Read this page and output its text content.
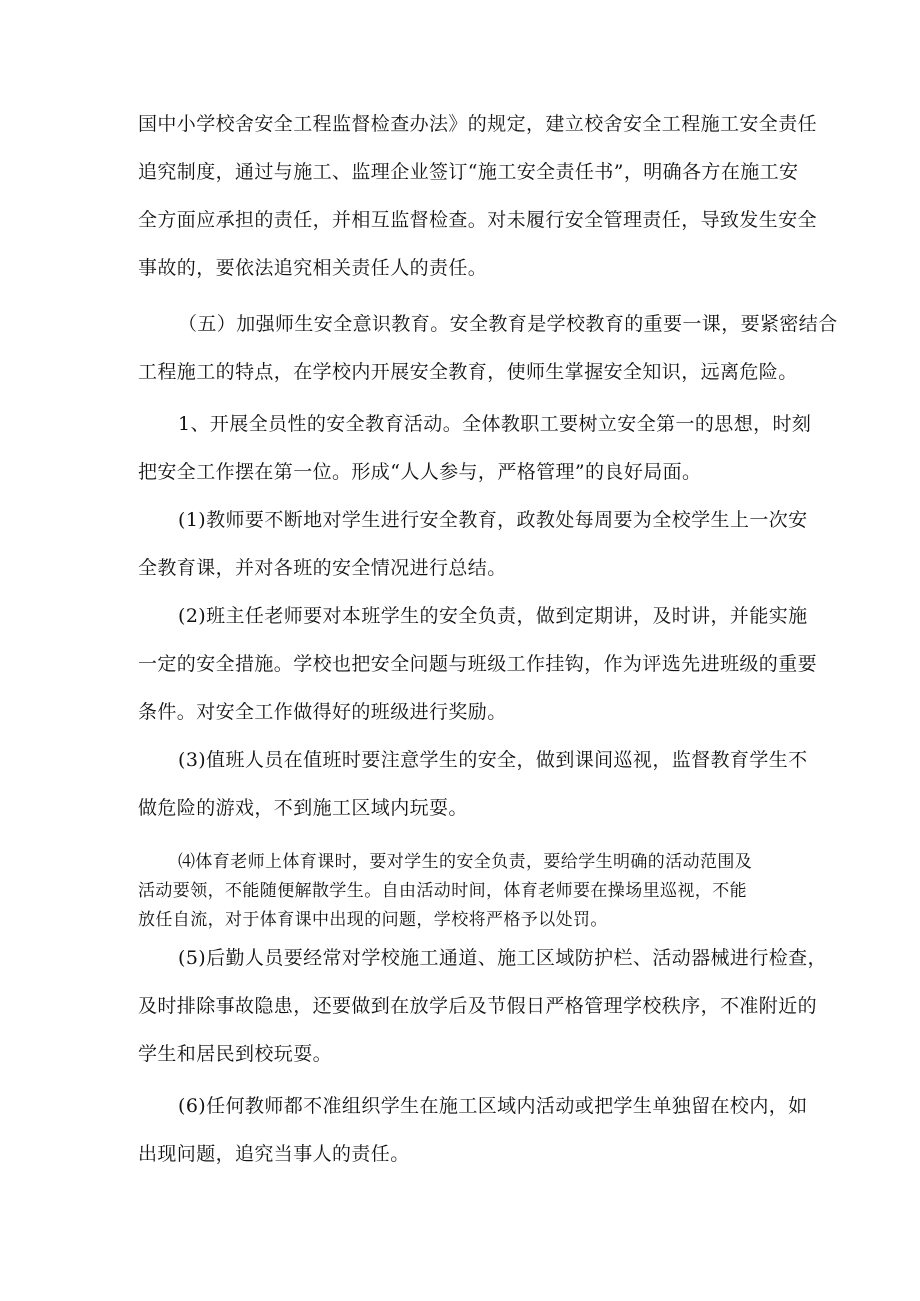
国中小学校舍安全工程监督检查办法》的规定，建立校舍安全工程施工安全责任
追究制度，通过与施工、监理企业签订“施工安全责任书”，明确各方在施工安
全方面应承担的责任，并相互监督检查。对未履行安全管理责任，导致发生安全
事故的，要依法追究相关责任人的责任。
（五）加强师生安全意识教育。安全教育是学校教育的重要一课，要紧密结合
工程施工的特点，在学校内开展安全教育，使师生掌握安全知识，远离危险。
1、开展全员性的安全教育活动。全体教职工要树立安全第一的思想，时刻
把安全工作摆在第一位。形成“人人参与，严格管理”的良好局面。
(1)教师要不断地对学生进行安全教育，政教处每周要为全校学生上一次安
全教育课，并对各班的安全情况进行总结。
(2)班主任老师要对本班学生的安全负责，做到定期讲，及时讲，并能实施
一定的安全措施。学校也把安全问题与班级工作挂钩，作为评选先进班级的重要
条件。对安全工作做得好的班级进行奖励。
(3)值班人员在值班时要注意学生的安全，做到课间巡视，监督教育学生不
做危险的游戏，不到施工区域内玩耍。
⑷体育老师上体育课时，要对学生的安全负责，要给学生明确的活动范围及
活动要领，不能随便解散学生。自由活动时间，体育老师要在操场里巡视，不能
放任自流，对于体育课中出现的问题，学校将严格予以处罚。
(5)后勤人员要经常对学校施工通道、施工区域防护栏、活动器械进行检查，
及时排除事故隐患，还要做到在放学后及节假日严格管理学校秩序，不准附近的
学生和居民到校玩耍。
(6)任何教师都不准组织学生在施工区域内活动或把学生单独留在校内，如
出现问题，追究当事人的责任。
